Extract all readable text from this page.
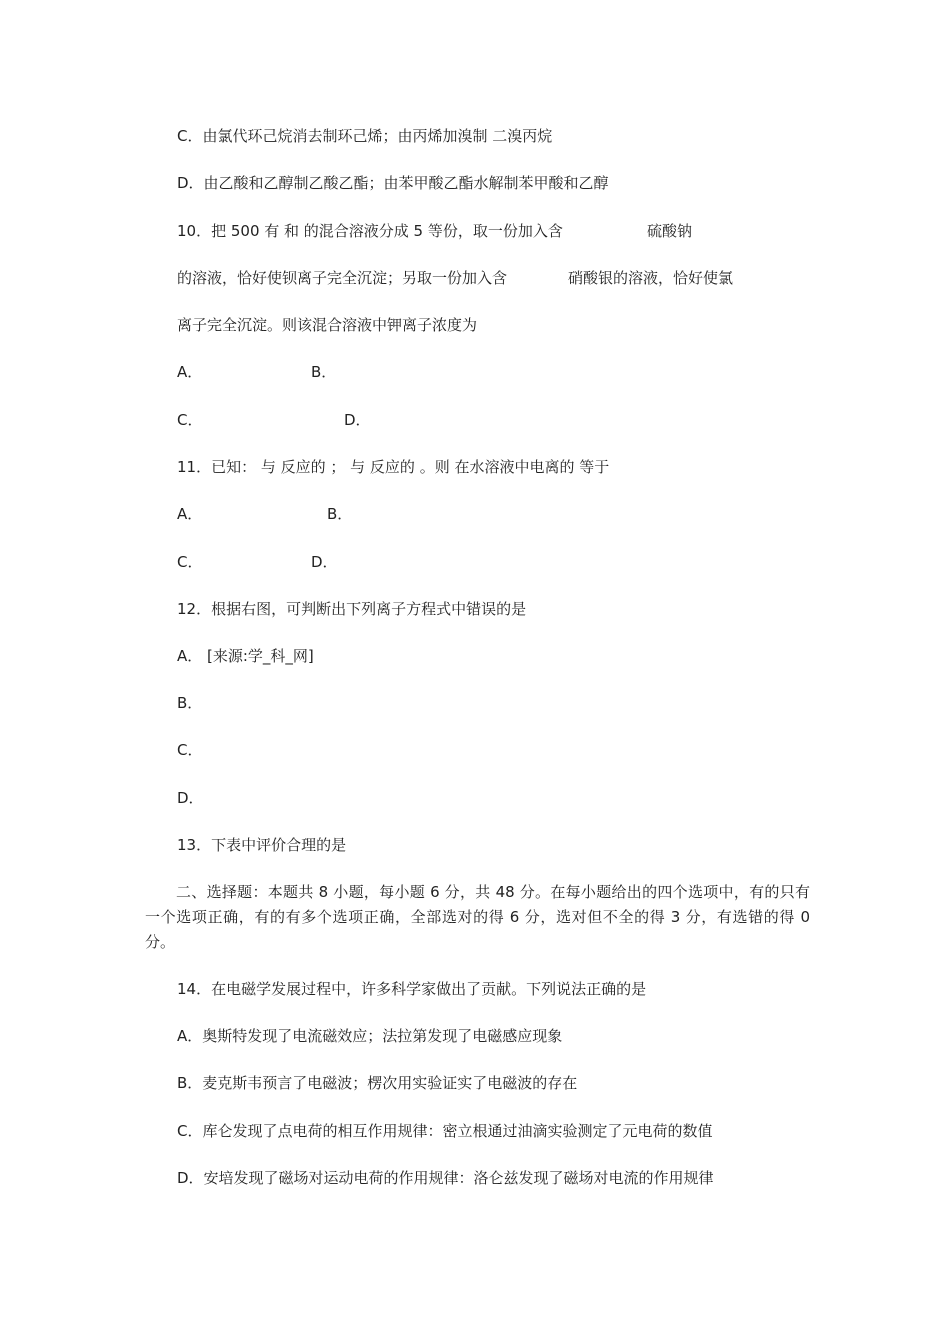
C．由氯代环己烷消去制环己烯；由丙烯加溴制 二溴丙烷
D．由乙酸和乙醇制乙酸乙酯；由苯甲酸乙酯水解制苯甲酸和乙醇
10．把 500 有 和 的混合溶液分成 5 等份，取一份加入含	硫酸钠
的溶液，恰好使钡离子完全沉淀；另取一份加入含	硝酸银的溶液，恰好使氯
离子完全沉淀。则该混合溶液中钾离子浓度为
A．	B．
C．	D．
11．已知： 与 反应的 ； 与 反应的 。则 在水溶液中电离的 等于
A．	B．
C．	D．
12．根据右图，可判断出下列离子方程式中错误的是
A． [来源:学_科_网]
B．
C．
D．
13．下表中评价合理的是
二、选择题：本题共 8 小题，每小题 6 分，共 48 分。在每小题给出的四个选项中，有的只有一个选项正确，有的有多个选项正确，全部选对的得 6 分，选对但不全的得 3 分，有选错的得 0 分。
14．在电磁学发展过程中，许多科学家做出了贡献。下列说法正确的是
A．奥斯特发现了电流磁效应；法拉第发现了电磁感应现象
B．麦克斯韦预言了电磁波；楞次用实验证实了电磁波的存在
C．库仑发现了点电荷的相互作用规律：密立根通过油滴实验测定了元电荷的数值
D．安培发现了磁场对运动电荷的作用规律：洛仑兹发现了磁场对电流的作用规律
